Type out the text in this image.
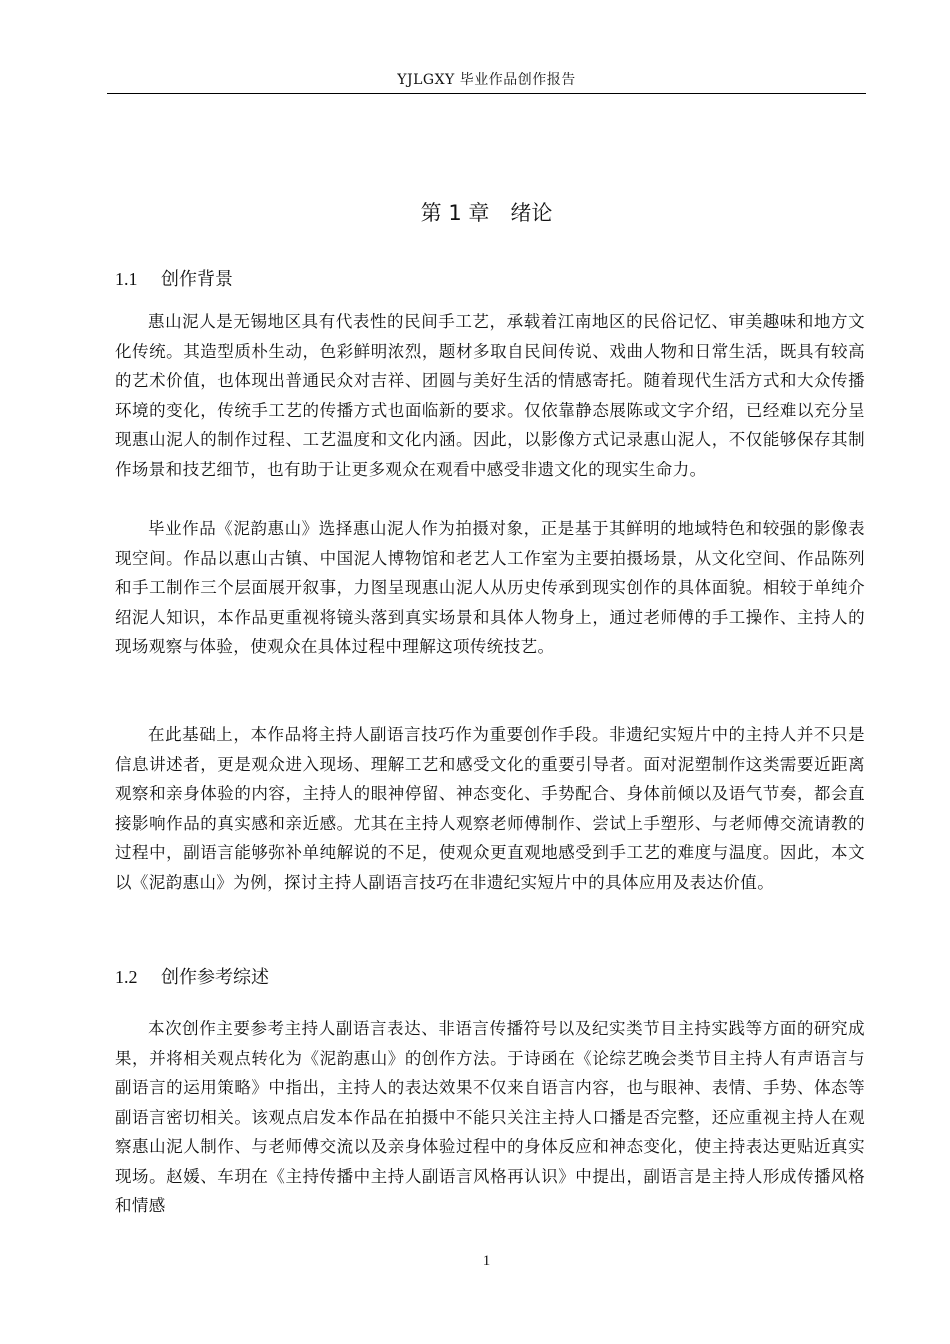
YJLGXY 毕业作品创作报告
第 1 章　绪论
1.1 创作背景

惠山泥人是无锡地区具有代表性的民间手工艺，承载着江南地区的民俗记忆、审美趣味和地方文化传统。其造型质朴生动，色彩鲜明浓烈，题材多取自民间传说、戏曲人物和日常生活，既具有较高的艺术价值，也体现出普通民众对吉祥、团圆与美好生活的情感寄托。随着现代生活方式和大众传播环境的变化，传统手工艺的传播方式也面临新的要求。仅依靠静态展陈或文字介绍，已经难以充分呈现惠山泥人的制作过程、工艺温度和文化内涵。因此，以影像方式记录惠山泥人，不仅能够保存其制作场景和技艺细节，也有助于让更多观众在观看中感受非遗文化的现实生命力。

毕业作品《泥韵惠山》选择惠山泥人作为拍摄对象，正是基于其鲜明的地域特色和较强的影像表现空间。作品以惠山古镇、中国泥人博物馆和老艺人工作室为主要拍摄场景，从文化空间、作品陈列和手工制作三个层面展开叙事，力图呈现惠山泥人从历史传承到现实创作的具体面貌。相较于单纯介绍泥人知识，本作品更重视将镜头落到真实场景和具体人物身上，通过老师傅的手工操作、主持人的现场观察与体验，使观众在具体过程中理解这项传统技艺。

在此基础上，本作品将主持人副语言技巧作为重要创作手段。非遗纪实短片中的主持人并不只是信息讲述者，更是观众进入现场、理解工艺和感受文化的重要引导者。面对泥塑制作这类需要近距离观察和亲身体验的内容，主持人的眼神停留、神态变化、手势配合、身体前倾以及语气节奏，都会直接影响作品的真实感和亲近感。尤其在主持人观察老师傅制作、尝试上手塑形、与老师傅交流请教的过程中，副语言能够弥补单纯解说的不足，使观众更直观地感受到手工艺的难度与温度。因此，本文以《泥韵惠山》为例，探讨主持人副语言技巧在非遗纪实短片中的具体应用及表达价值。

1.2 创作参考综述

本次创作主要参考主持人副语言表达、非语言传播符号以及纪实类节目主持实践等方面的研究成果，并将相关观点转化为《泥韵惠山》的创作方法。于诗函在《论综艺晚会类节目主持人有声语言与副语言的运用策略》中指出，主持人的表达效果不仅来自语言内容，也与眼神、表情、手势、体态等副语言密切相关。该观点启发本作品在拍摄中不能只关注主持人口播是否完整，还应重视主持人在观察惠山泥人制作、与老师傅交流以及亲身体验过程中的身体反应和神态变化，使主持表达更贴近真实现场。赵媛、车玥在《主持传播中主持人副语言风格再认识》中提出，副语言是主持人形成传播风格和情感

1
